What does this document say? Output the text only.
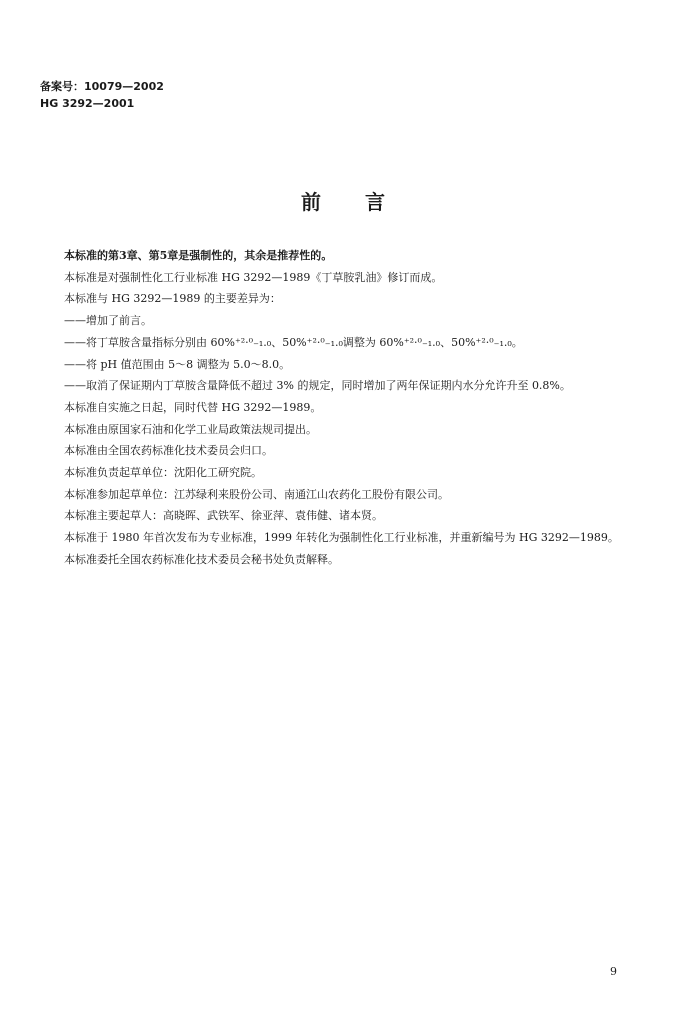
备案号：10079—2002
HG 3292—2001
前言

本标准的第3章、第5章是强制性的，其余是推荐性的。

本标准是对强制性化工行业标准 HG 3292—1989《丁草胺乳油》修订而成。

本标准与 HG 3292—1989 的主要差异为：

——增加了前言。

——将丁草胺含量指标分别由 60%⁺²·⁰₋₁.₀、50%⁺²·⁰₋₁.₀调整为 60%⁺²·⁰₋₁.₀、50%⁺²·⁰₋₁.₀。

——将 pH 值范围由 5～8 调整为 5.0～8.0。

——取消了保证期内丁草胺含量降低不超过 3% 的规定，同时增加了两年保证期内水分允许升至 0.8%。

本标准自实施之日起，同时代替 HG 3292—1989。

本标准由原国家石油和化学工业局政策法规司提出。

本标准由全国农药标准化技术委员会归口。

本标准负责起草单位：沈阳化工研究院。

本标准参加起草单位：江苏绿利来股份公司、南通江山农药化工股份有限公司。

本标准主要起草人：高晓晖、武铁军、徐亚萍、袁伟健、诸本贤。

本标准于 1980 年首次发布为专业标准，1999 年转化为强制性化工行业标准，并重新编号为 HG 3292—1989。

本标准委托全国农药标准化技术委员会秘书处负责解释。

9
